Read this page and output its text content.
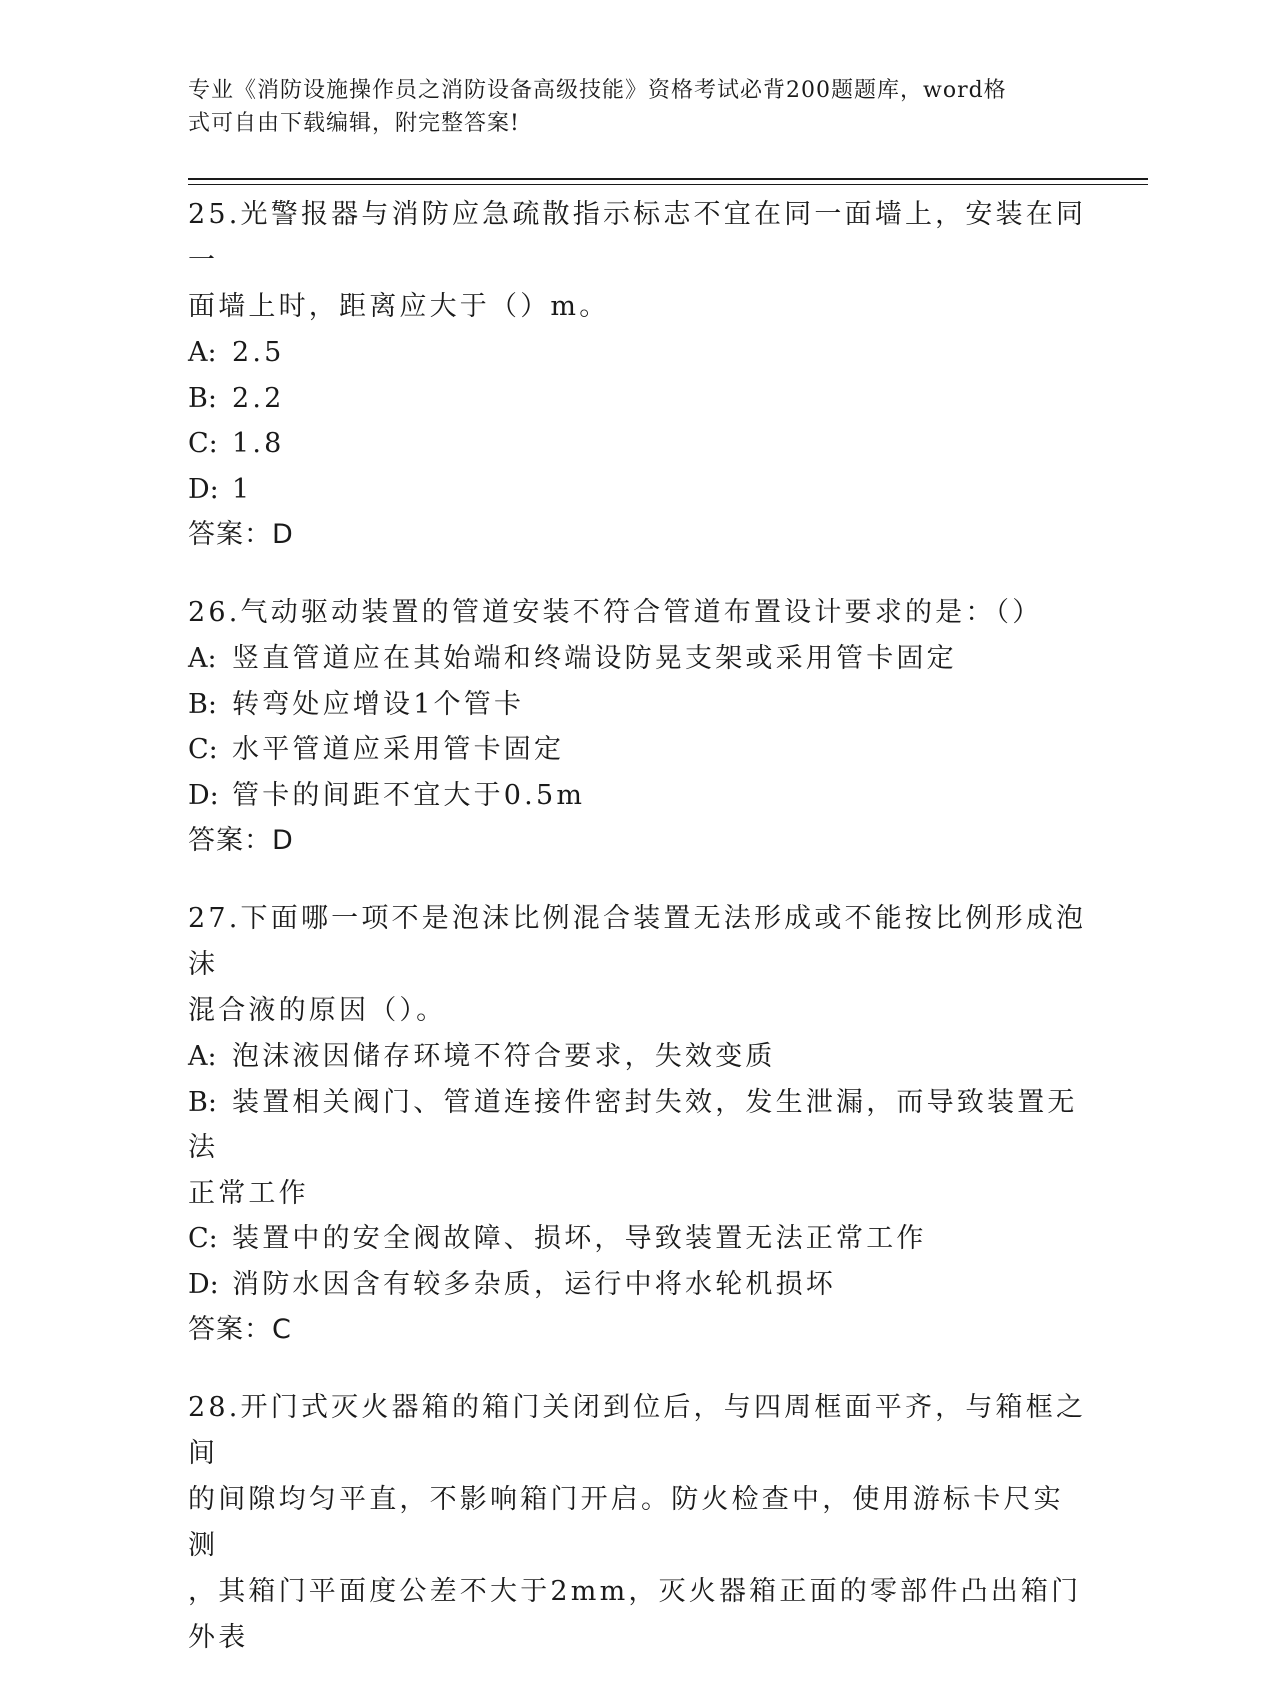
专业《消防设施操作员之消防设备高级技能》资格考试必背200题题库，word格
式可自由下载编辑，附完整答案!

25.光警报器与消防应急疏散指示标志不宜在同一面墙上，安装在同一

面墙上时，距离应大于（）m。

A: 2.5

B: 2.2

C: 1.8

D: 1

答案：D

26.气动驱动装置的管道安装不符合管道布置设计要求的是：（）

A: 竖直管道应在其始端和终端设防晃支架或采用管卡固定

B: 转弯处应增设1个管卡

C: 水平管道应采用管卡固定

D: 管卡的间距不宜大于0.5m

答案：D

27.下面哪一项不是泡沫比例混合装置无法形成或不能按比例形成泡沫

混合液的原因（）。

A: 泡沫液因储存环境不符合要求，失效变质

B: 装置相关阀门、管道连接件密封失效，发生泄漏，而导致装置无法

正常工作

C: 装置中的安全阀故障、损坏，导致装置无法正常工作

D: 消防水因含有较多杂质，运行中将水轮机损坏

答案：C

28.开门式灭火器箱的箱门关闭到位后，与四周框面平齐，与箱框之间

的间隙均匀平直，不影响箱门开启。防火检查中，使用游标卡尺实测

，其箱门平面度公差不大于2mm，灭火器箱正面的零部件凸出箱门外表
